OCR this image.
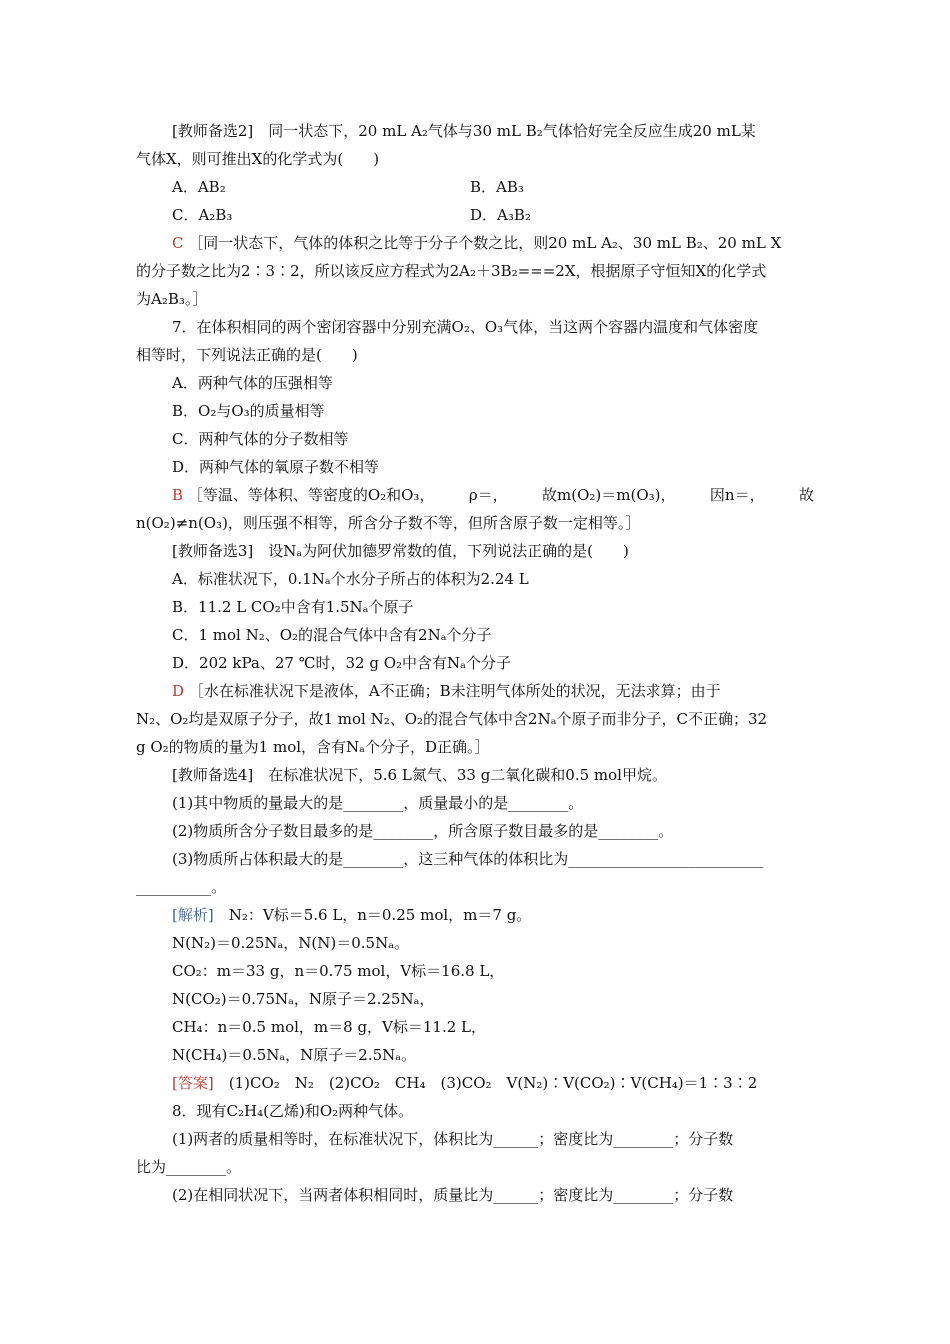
[教师备选2]　同一状态下，20 mL A₂气体与30 mL B₂气体恰好完全反应生成20 mL某
气体X，则可推出X的化学式为(　　)
A．AB₂	B．AB₃
C．A₂B₃	D．A₃B₂
C ［同一状态下，气体的体积之比等于分子个数之比，则20 mL A₂、30 mL B₂、20 mL X
的分子数之比为2∶3∶2，所以该反应方程式为2A₂＋3B₂===2X，根据原子守恒知X的化学式
为A₂B₃。］
7．在体积相同的两个密闭容器中分别充满O₂、O₃气体，当这两个容器内温度和气体密度
相等时，下列说法正确的是(　　)
A．两种气体的压强相等
B．O₂与O₃的质量相等
C．两种气体的分子数相等
D．两种气体的氧原子数不相等
B ［等温、等体积、等密度的O₂和O₃， ρ＝， 故m(O₂)＝m(O₃)， 因n＝， 故
n(O₂)≠n(O₃)，则压强不相等，所含分子数不等，但所含原子数一定相等。］
[教师备选3]　设Nₐ为阿伏加德罗常数的值，下列说法正确的是(　　)
A．标准状况下，0.1Nₐ个水分子所占的体积为2.24 L
B．11.2 L CO₂中含有1.5Nₐ个原子
C．1 mol N₂、O₂的混合气体中含有2Nₐ个分子
D．202 kPa、27 ℃时，32 g O₂中含有Nₐ个分子
D ［水在标准状况下是液体，A不正确；B未注明气体所处的状况，无法求算；由于
N₂、O₂均是双原子分子，故1 mol N₂、O₂的混合气体中含2Nₐ个原子而非分子，C不正确；32
g O₂的物质的量为1 mol，含有Nₐ个分子，D正确。］
[教师备选4]　在标准状况下，5.6 L氮气、33 g二氧化碳和0.5 mol甲烷。
(1)其中物质的量最大的是________，质量最小的是________。
(2)物质所含分子数目最多的是________，所含原子数目最多的是________。
(3)物质所占体积最大的是________，这三种气体的体积比为__________________________
__________。
[解析]　N₂：V标＝5.6 L，n＝0.25 mol，m＝7 g。
N(N₂)＝0.25Nₐ，N(N)＝0.5Nₐ。
CO₂：m＝33 g，n＝0.75 mol，V标＝16.8 L，
N(CO₂)＝0.75Nₐ，N原子＝2.25Nₐ，
CH₄：n＝0.5 mol，m＝8 g，V标＝11.2 L，
N(CH₄)＝0.5Nₐ，N原子＝2.5Nₐ。
[答案]　(1)CO₂　N₂　(2)CO₂　CH₄　(3)CO₂　V(N₂)∶V(CO₂)∶V(CH₄)＝1∶3∶2
8．现有C₂H₄(乙烯)和O₂两种气体。
(1)两者的质量相等时，在标准状况下，体积比为______；密度比为________；分子数
比为________。
(2)在相同状况下，当两者体积相同时，质量比为______；密度比为________；分子数
